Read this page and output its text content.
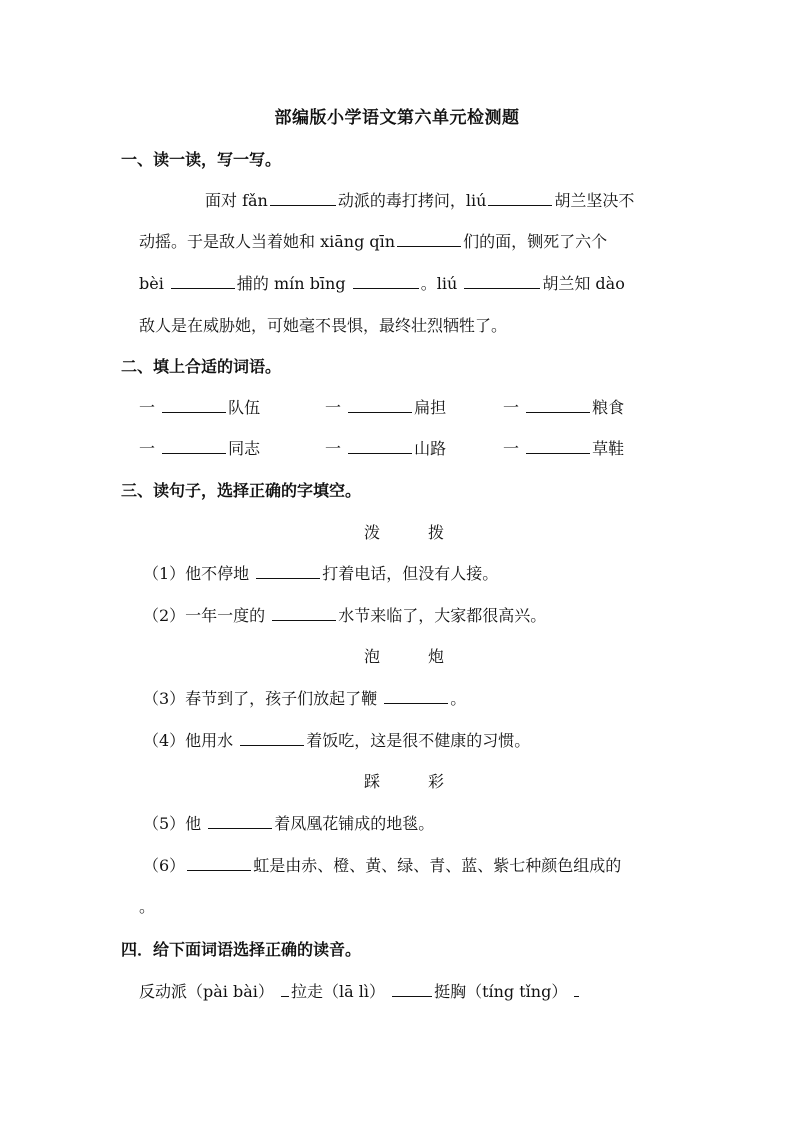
部编版小学语文第六单元检测题
一、读一读，写一写。
面对 fǎn	动派的毒打拷问，liú	胡兰坚决不
动摇。于是敌人当着她和 xiāng qīn	们的面，铡死了六个
bèi	捕的 mín bīng	。liú	胡兰知 dào
敌人是在威胁她，可她毫不畏惧，最终壮烈牺牲了。
二、填上合适的词语。
一	队伍	一	扁担	一	粮食
一	同志	一	山路	一	草鞋
三、读句子，选择正确的字填空。
泼	拨
（1）他不停地	打着电话，但没有人接。
（2）一年一度的	水节来临了，大家都很高兴。
泡	炮
（3）春节到了，孩子们放起了鞭	。
（4）他用水	着饭吃，这是很不健康的习惯。
踩	彩
（5）他	着凤凰花铺成的地毯。
（6）	虹是由赤、橙、黄、绿、青、蓝、紫七种颜色组成的
。
四．给下面词语选择正确的读音。
反动派（pài bài） 拉走（lā lì）	挺胸（tíng tǐng）
